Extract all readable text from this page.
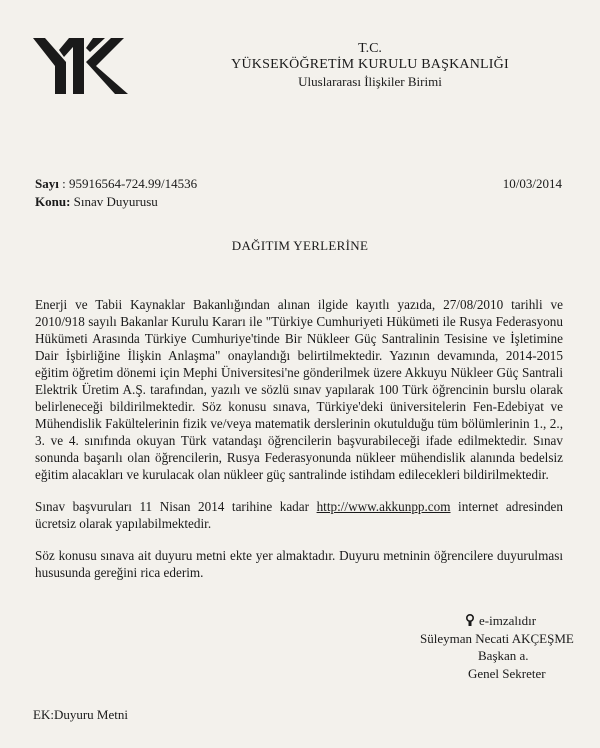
T.C.
YÜKSEKÖĞRETİM KURULU BAŞKANLIĞI
Uluslararası İlişkiler Birimi
Sayı : 95916564-724.99/14536
Konu: Sınav Duyurusu
10/03/2014
DAĞITIM YERLERİNE
Enerji ve Tabii Kaynaklar Bakanlığından alınan ilgide kayıtlı yazıda, 27/08/2010 tarihli ve 2010/918 sayılı Bakanlar Kurulu Kararı ile "Türkiye Cumhuriyeti Hükümeti ile Rusya Federasyonu Hükümeti Arasında Türkiye Cumhuriye'tinde Bir Nükleer Güç Santralinin Tesisine ve İşletimine Dair İşbirliğine İlişkin Anlaşma" onaylandığı belirtilmektedir. Yazının devamında, 2014-2015 eğitim öğretim dönemi için Mephi Üniversitesi'ne gönderilmek üzere Akkuyu Nükleer Güç Santrali Elektrik Üretim A.Ş. tarafından, yazılı ve sözlü sınav yapılarak 100 Türk öğrencinin burslu olarak belirleneceği bildirilmektedir. Söz konusu sınava, Türkiye'deki üniversitelerin Fen-Edebiyat ve Mühendislik Fakültelerinin fizik ve/veya matematik derslerinin okutulduğu tüm bölümlerinin 1., 2., 3. ve 4. sınıfında okuyan Türk vatandaşı öğrencilerin başvurabileceği ifade edilmektedir. Sınav sonunda başarılı olan öğrencilerin, Rusya Federasyonunda nükleer mühendislik alanında bedelsiz eğitim alacakları ve kurulacak olan nükleer güç santralinde istihdam edilecekleri bildirilmektedir.
Sınav başvuruları 11 Nisan 2014 tarihine kadar http://www.akkunpp.com internet adresinden ücretsiz olarak yapılabilmektedir.
Söz konusu sınava ait duyuru metni ekte yer almaktadır. Duyuru metninin öğrencilere duyurulması hususunda gereğini rica ederim.
e-imzalıdır
Süleyman Necati AKÇEŞME
Başkan a.
Genel Sekreter
EK:Duyuru Metni
